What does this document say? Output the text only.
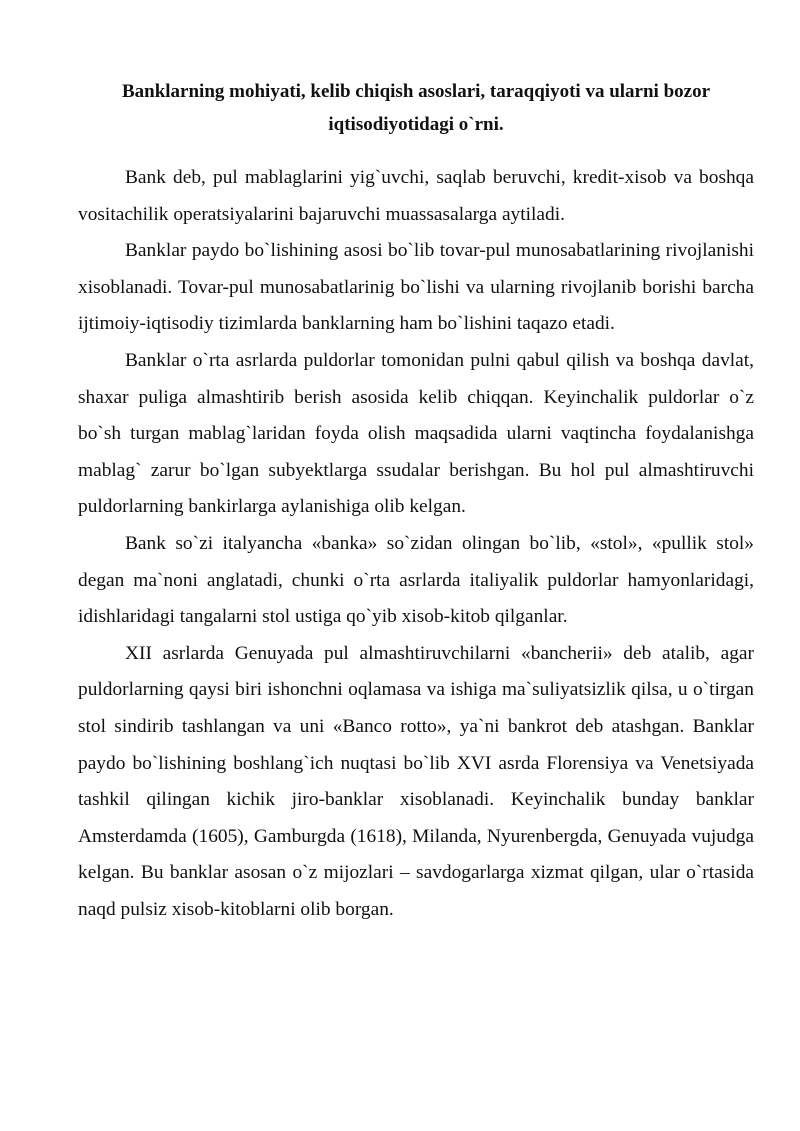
Banklarning mohiyati, kelib chiqish asoslari, taraqqiyoti va ularni bozor iqtisodiyotidagi o`rni.

Bank deb, pul mablaglarini yig`uvchi, saqlab beruvchi, kredit-xisob va boshqa vositachilik operatsiyalarini bajaruvchi muassasalarga aytiladi.

Banklar paydo bo`lishining asosi bo`lib tovar-pul munosabatlarining rivojlanishi xisoblanadi. Tovar-pul munosabatlarinig bo`lishi va ularning rivojlanib borishi barcha ijtimoiy-iqtisodiy tizimlarda banklarning ham bo`lishini taqazo etadi.

Banklar o`rta asrlarda puldorlar tomonidan pulni qabul qilish va boshqa davlat, shaxar puliga almashtirib berish asosida kelib chiqqan. Keyinchalik puldorlar o`z bo`sh turgan mablag`laridan foyda olish maqsadida ularni vaqtincha foydalanishga mablag` zarur bo`lgan subyektlarga ssudalar berishgan. Bu hol pul almashtiruvchi puldorlarning bankirlarga aylanishiga olib kelgan.

Bank so`zi italyancha «banka» so`zidan olingan bo`lib, «stol», «pullik stol» degan ma`noni anglatadi, chunki o`rta asrlarda italiyalik puldorlar hamyonlaridagi, idishlaridagi tangalarni stol ustiga qo`yib xisob-kitob qilganlar.

XII asrlarda Genuyada pul almashtiruvchilarni «bancherii» deb atalib, agar puldorlarning qaysi biri ishonchni oqlamasa va ishiga ma`suliyatsizlik qilsa, u o`tirgan stol sindirib tashlangan va uni «Banco rotto», ya`ni bankrot deb atashgan. Banklar paydo bo`lishining boshlang`ich nuqtasi bo`lib XVI asrda Florensiya va Venetsiyada tashkil qilingan kichik jiro-banklar xisoblanadi. Keyinchalik bunday banklar Amsterdamda (1605), Gamburgda (1618), Milanda, Nyurenbergda, Genuyada vujudga kelgan. Bu banklar asosan o`z mijozlari – savdogarlarga xizmat qilgan, ular o`rtasida naqd pulsiz xisob-kitoblarni olib borgan.
